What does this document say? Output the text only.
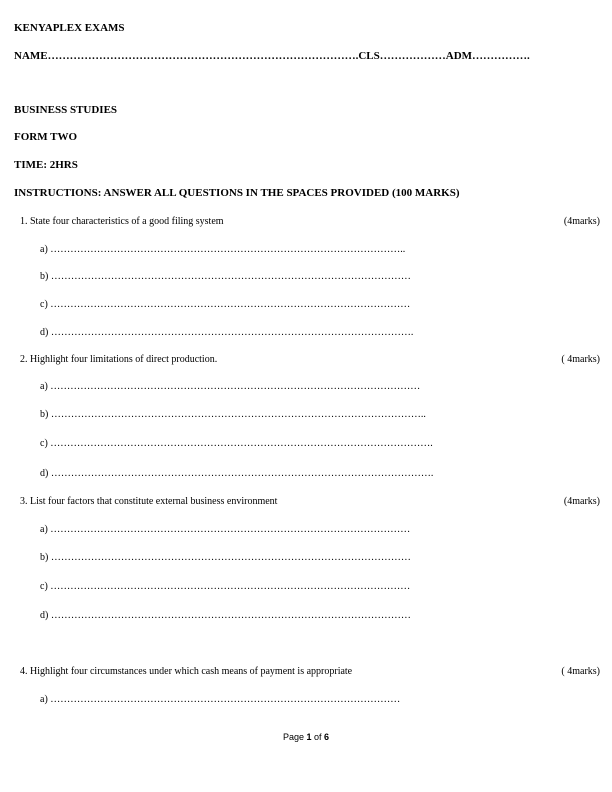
KENYAPLEX EXAMS
NAME………………………………………………………………………….CLS………………ADM…………….
BUSINESS STUDIES
FORM TWO
TIME: 2HRS
INSTRUCTIONS: ANSWER ALL QUESTIONS IN THE SPACES PROVIDED (100 MARKS)
1. State four characteristics of a good filing system	(4marks)
a) ……………………………………………………………………………………………..
b) ………………………………………………………………………………………………
c) ………………………………………………………………………………………………
d) ……………………………………………………………………………………………….
2. Highlight four limitations of direct production.	( 4marks)
a) …………………………………………………………………………………………………
b) …………………………………………………………………………………………………..
c) …………………………………………………………………………………………………….
d) …………………………………………………………………………………………………….
3. List four factors that constitute external business environment	(4marks)
a) ………………………………………………………………………………………………
b) ………………………………………………………………………………………………
c) ………………………………………………………………………………………………
d) ………………………………………………………………………………………………
4. Highlight four circumstances under which cash means of payment is appropriate	( 4marks)
a) ……………………………………………………………………………………………
Page 1 of 6
